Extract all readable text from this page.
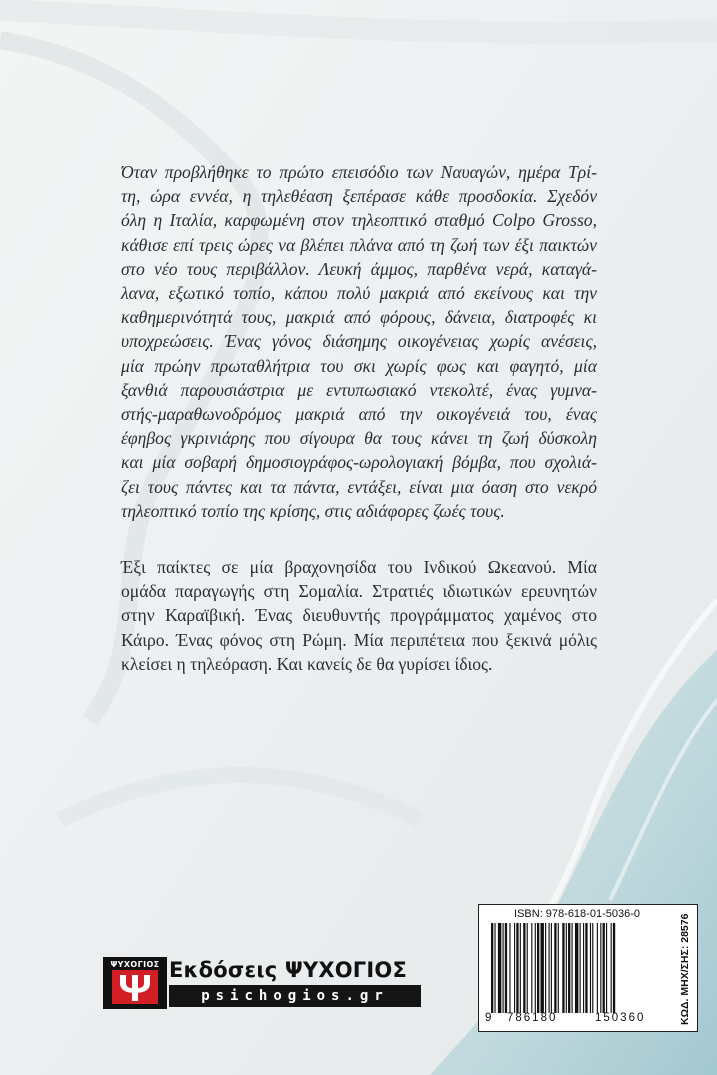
Όταν προβλήθηκε το πρώτο επεισόδιο των Ναυαγών, ημέρα Τρί-
τη, ώρα εννέα, η τηλεθέαση ξεπέρασε κάθε προσδοκία. Σχεδόν
όλη η Ιταλία, καρφωμένη στον τηλεοπτικό σταθμό Colpo Grosso,
κάθισε επί τρεις ώρες να βλέπει πλάνα από τη ζωή των έξι παικτών
στο νέο τους περιβάλλον. Λευκή άμμος, παρθένα νερά, καταγά-
λανα, εξωτικό τοπίο, κάπου πολύ μακριά από εκείνους και την
καθημερινότητά τους, μακριά από φόρους, δάνεια, διατροφές κι
υποχρεώσεις. Ένας γόνος διάσημης οικογένειας χωρίς ανέσεις,
μία πρώην πρωταθλήτρια του σκι χωρίς φως και φαγητό, μία
ξανθιά παρουσιάστρια με εντυπωσιακό ντεκολτέ, ένας γυμνα-
στής-μαραθωνοδρόμος μακριά από την οικογένειά του, ένας
έφηβος γκρινιάρης που σίγουρα θα τους κάνει τη ζωή δύσκολη
και μία σοβαρή δημοσιογράφος-ωρολογιακή βόμβα, που σχολιά-
ζει τους πάντες και τα πάντα, εντάξει, είναι μια όαση στο νεκρό
τηλεοπτικό τοπίο της κρίσης, στις αδιάφορες ζωές τους.

Έξι παίκτες σε μία βραχονησίδα του Ινδικού Ωκεανού. Μία
ομάδα παραγωγής στη Σομαλία. Στρατιές ιδιωτικών ερευνητών
στην Καραϊβική. Ένας διευθυντής προγράμματος χαμένος στο
Κάιρο. Ένας φόνος στη Ρώμη. Μία περιπέτεια που ξεκινά μόλις
κλείσει η τηλεόραση. Και κανείς δε θα γυρίσει ίδιος.

ΨΥΧΟΓΙΟΣ Εκδόσεις ΨΥΧΟΓΙΟΣ
psichogios.gr
ISBN: 978-618-01-5036-0
9 786180	150360	ΚΩΔ. ΜΗΧ/ΣΗΣ: 28576
